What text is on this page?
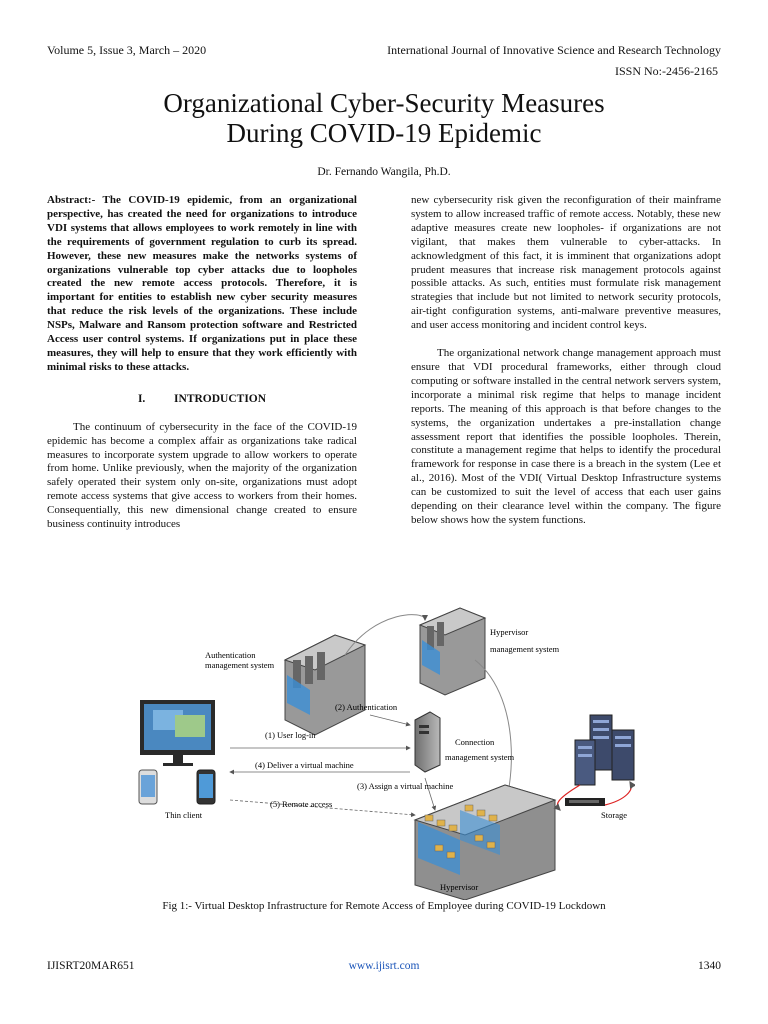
Volume 5, Issue 3, March – 2020	International Journal of Innovative Science and Research Technology
ISSN No:-2456-2165
Organizational Cyber-Security Measures
During COVID-19 Epidemic
Dr. Fernando Wangila, Ph.D.

Abstract:- The COVID-19 epidemic, from an organizational perspective, has created the need for organizations to introduce VDI systems that allows employees to work remotely in line with the requirements of government regulation to curb its spread. However, these new measures make the networks systems of organizations vulnerable top cyber attacks due to loopholes created the new remote access protocols. Therefore, it is important for entities to establish new cyber security measures that reduce the risk levels of the organizations. These include NSPs, Malware and Ransom protection software and Restricted Access user control systems. If organizations put in place these measures, they will help to ensure that they work efficiently with minimal risks to these attacks.

I.          INTRODUCTION

The continuum of cybersecurity in the face of the COVID-19 epidemic has become a complex affair as organizations take radical measures to incorporate system upgrade to allow workers to operate from home. Unlike previously, when the majority of the organization safely operated their system only on-site, organizations must adopt remote access systems that give access to workers from their homes. Consequentially, this new dimensional change created to ensure business continuity introduces

new cybersecurity risk given the reconfiguration of their mainframe system to allow increased traffic of remote access. Notably, these new adaptive measures create new loopholes- if organizations are not vigilant, that makes them vulnerable to cyber-attacks. In acknowledgment of this fact, it is imminent that organizations adopt prudent measures that increase risk management protocols against possible attacks. As such, entities must formulate risk management strategies that include but not limited to network security protocols, air-tight configuration systems, anti-malware preventive measures, and user access monitoring and incident control keys.

The organizational network change management approach must ensure that VDI procedural frameworks, either through cloud computing or software installed in the central network servers system, incorporate a minimal risk regime that helps to manage incident reports. The meaning of this approach is that before changes to the systems, the organization undertakes a pre-installation change assessment report that identifies the possible loopholes. Therein, constitute a management regime that helps to identify the procedural framework for response in case there is a breach in the system (Lee et al., 2016). Most of the VDI( Virtual Desktop Infrastructure systems can be customized to suit the level of access that each user gains depending on their clearance level within the company. The figure below shows how the system functions.

Authentication
management system
Hypervisor
management system
Connection
management system
(1) User log-in
(2) Authentication
(4) Deliver a virtual machine
(3) Assign a virtual machine
(5) Remote access
Thin client
Hypervisor
Storage
Fig 1:- Virtual Desktop Infrastructure for Remote Access of Employee during COVID-19 Lockdown
IJISRT20MAR651	www.ijisrt.com	1340
